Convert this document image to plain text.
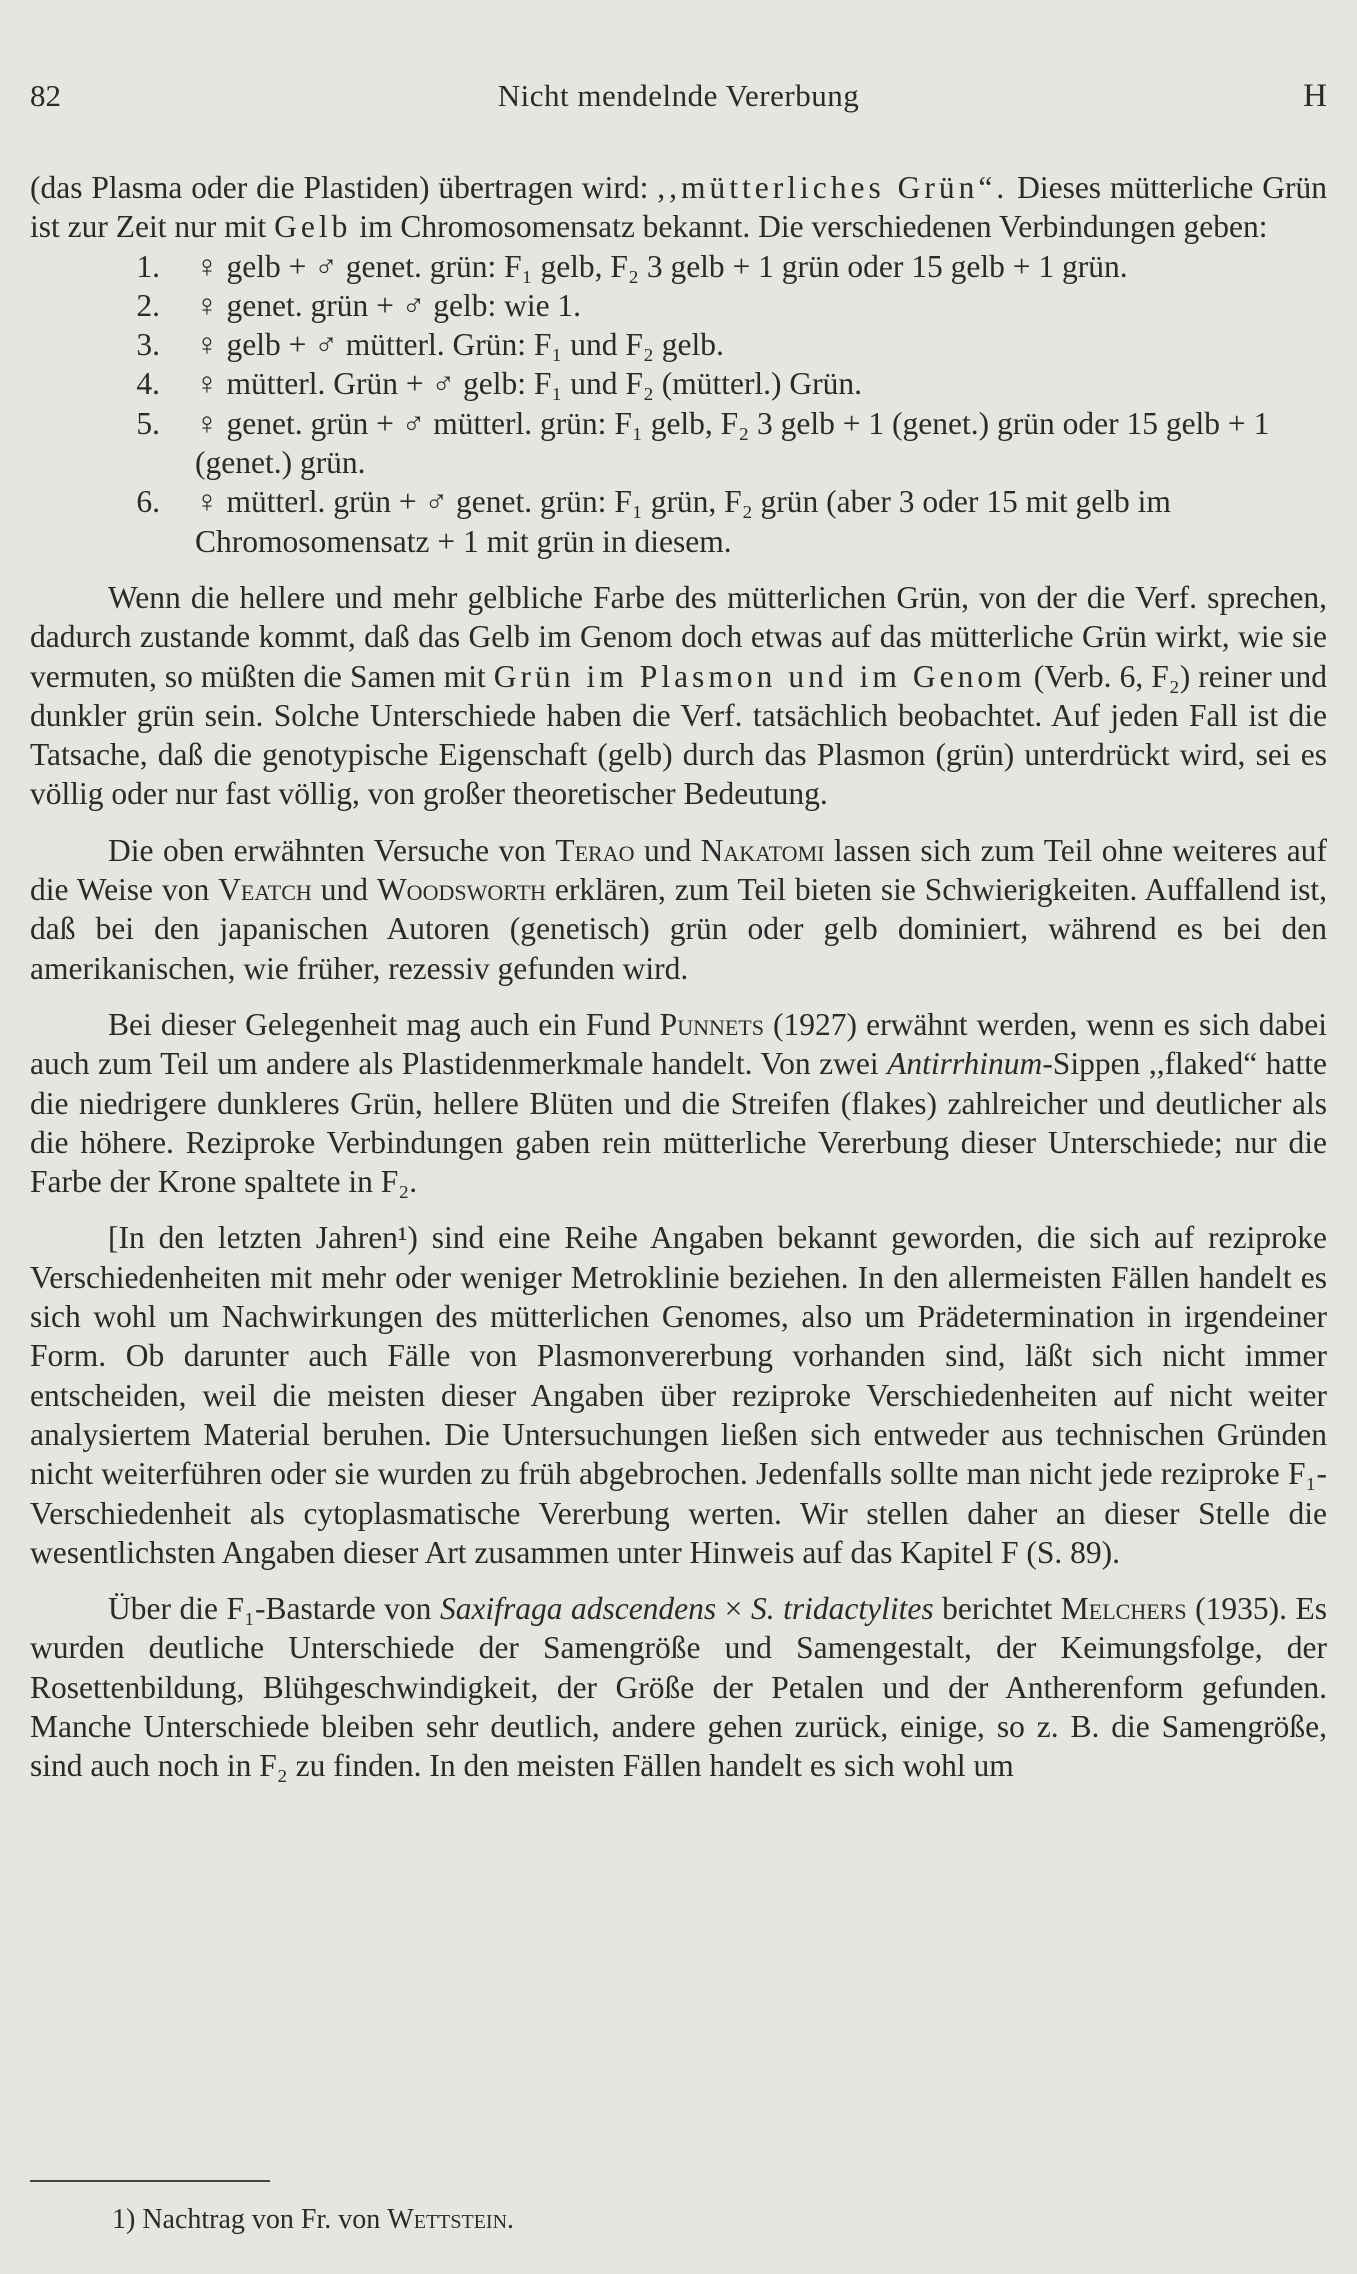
82	Nicht mendelnde Vererbung	H

(das Plasma oder die Plastiden) übertragen wird: ,,mütterliches Grün“. Dieses mütterliche Grün ist zur Zeit nur mit Gelb im Chromosomensatz bekannt. Die verschiedenen Verbindungen geben:

1. ♀ gelb + ♂ genet. grün: F₁ gelb, F₂ 3 gelb + 1 grün oder 15 gelb + 1 grün.
2. ♀ genet. grün + ♂ gelb: wie 1.
3. ♀ gelb + ♂ mütterl. Grün: F₁ und F₂ gelb.
4. ♀ mütterl. Grün + ♂ gelb: F₁ und F₂ (mütterl.) Grün.
5. ♀ genet. grün + ♂ mütterl. grün: F₁ gelb, F₂ 3 gelb + 1 (genet.) grün oder 15 gelb + 1 (genet.) grün.
6. ♀ mütterl. grün + ♂ genet. grün: F₁ grün, F₂ grün (aber 3 oder 15 mit gelb im Chromosomensatz + 1 mit grün in diesem.

Wenn die hellere und mehr gelbliche Farbe des mütterlichen Grün, von der die Verf. sprechen, dadurch zustande kommt, daß das Gelb im Genom doch etwas auf das mütterliche Grün wirkt, wie sie vermuten, so müßten die Samen mit Grün im Plasmon und im Genom (Verb. 6, F₂) reiner und dunkler grün sein. Solche Unterschiede haben die Verf. tatsächlich beobachtet. Auf jeden Fall ist die Tatsache, daß die genotypische Eigenschaft (gelb) durch das Plasmon (grün) unterdrückt wird, sei es völlig oder nur fast völlig, von großer theoretischer Bedeutung.

Die oben erwähnten Versuche von Terao und Nakatomi lassen sich zum Teil ohne weiteres auf die Weise von Veatch und Woodsworth erklären, zum Teil bieten sie Schwierigkeiten. Auffallend ist, daß bei den japanischen Autoren (genetisch) grün oder gelb dominiert, während es bei den amerikanischen, wie früher, rezessiv gefunden wird.

Bei dieser Gelegenheit mag auch ein Fund Punnets (1927) erwähnt werden, wenn es sich dabei auch zum Teil um andere als Plastidenmerkmale handelt. Von zwei Antirrhinum-Sippen ,,flaked“ hatte die niedrigere dunkleres Grün, hellere Blüten und die Streifen (flakes) zahlreicher und deutlicher als die höhere. Reziproke Verbindungen gaben rein mütterliche Vererbung dieser Unterschiede; nur die Farbe der Krone spaltete in F₂.

[In den letzten Jahren¹) sind eine Reihe Angaben bekannt geworden, die sich auf reziproke Verschiedenheiten mit mehr oder weniger Metroklinie beziehen. In den allermeisten Fällen handelt es sich wohl um Nachwirkungen des mütterlichen Genomes, also um Prädetermination in irgendeiner Form. Ob darunter auch Fälle von Plasmonvererbung vorhanden sind, läßt sich nicht immer entscheiden, weil die meisten dieser Angaben über reziproke Verschiedenheiten auf nicht weiter analysiertem Material beruhen. Die Untersuchungen ließen sich entweder aus technischen Gründen nicht weiterführen oder sie wurden zu früh abgebrochen. Jedenfalls sollte man nicht jede reziproke F₁-Verschiedenheit als cytoplasmatische Vererbung werten. Wir stellen daher an dieser Stelle die wesentlichsten Angaben dieser Art zusammen unter Hinweis auf das Kapitel F (S. 89).

Über die F₁-Bastarde von Saxifraga adscendens × S. tridactylites berichtet Melchers (1935). Es wurden deutliche Unterschiede der Samengröße und Samengestalt, der Keimungsfolge, der Rosettenbildung, Blühgeschwindigkeit, der Größe der Petalen und der Antherenform gefunden. Manche Unterschiede bleiben sehr deutlich, andere gehen zurück, einige, so z. B. die Samengröße, sind auch noch in F₂ zu finden. In den meisten Fällen handelt es sich wohl um

1) Nachtrag von Fr. von Wettstein.
